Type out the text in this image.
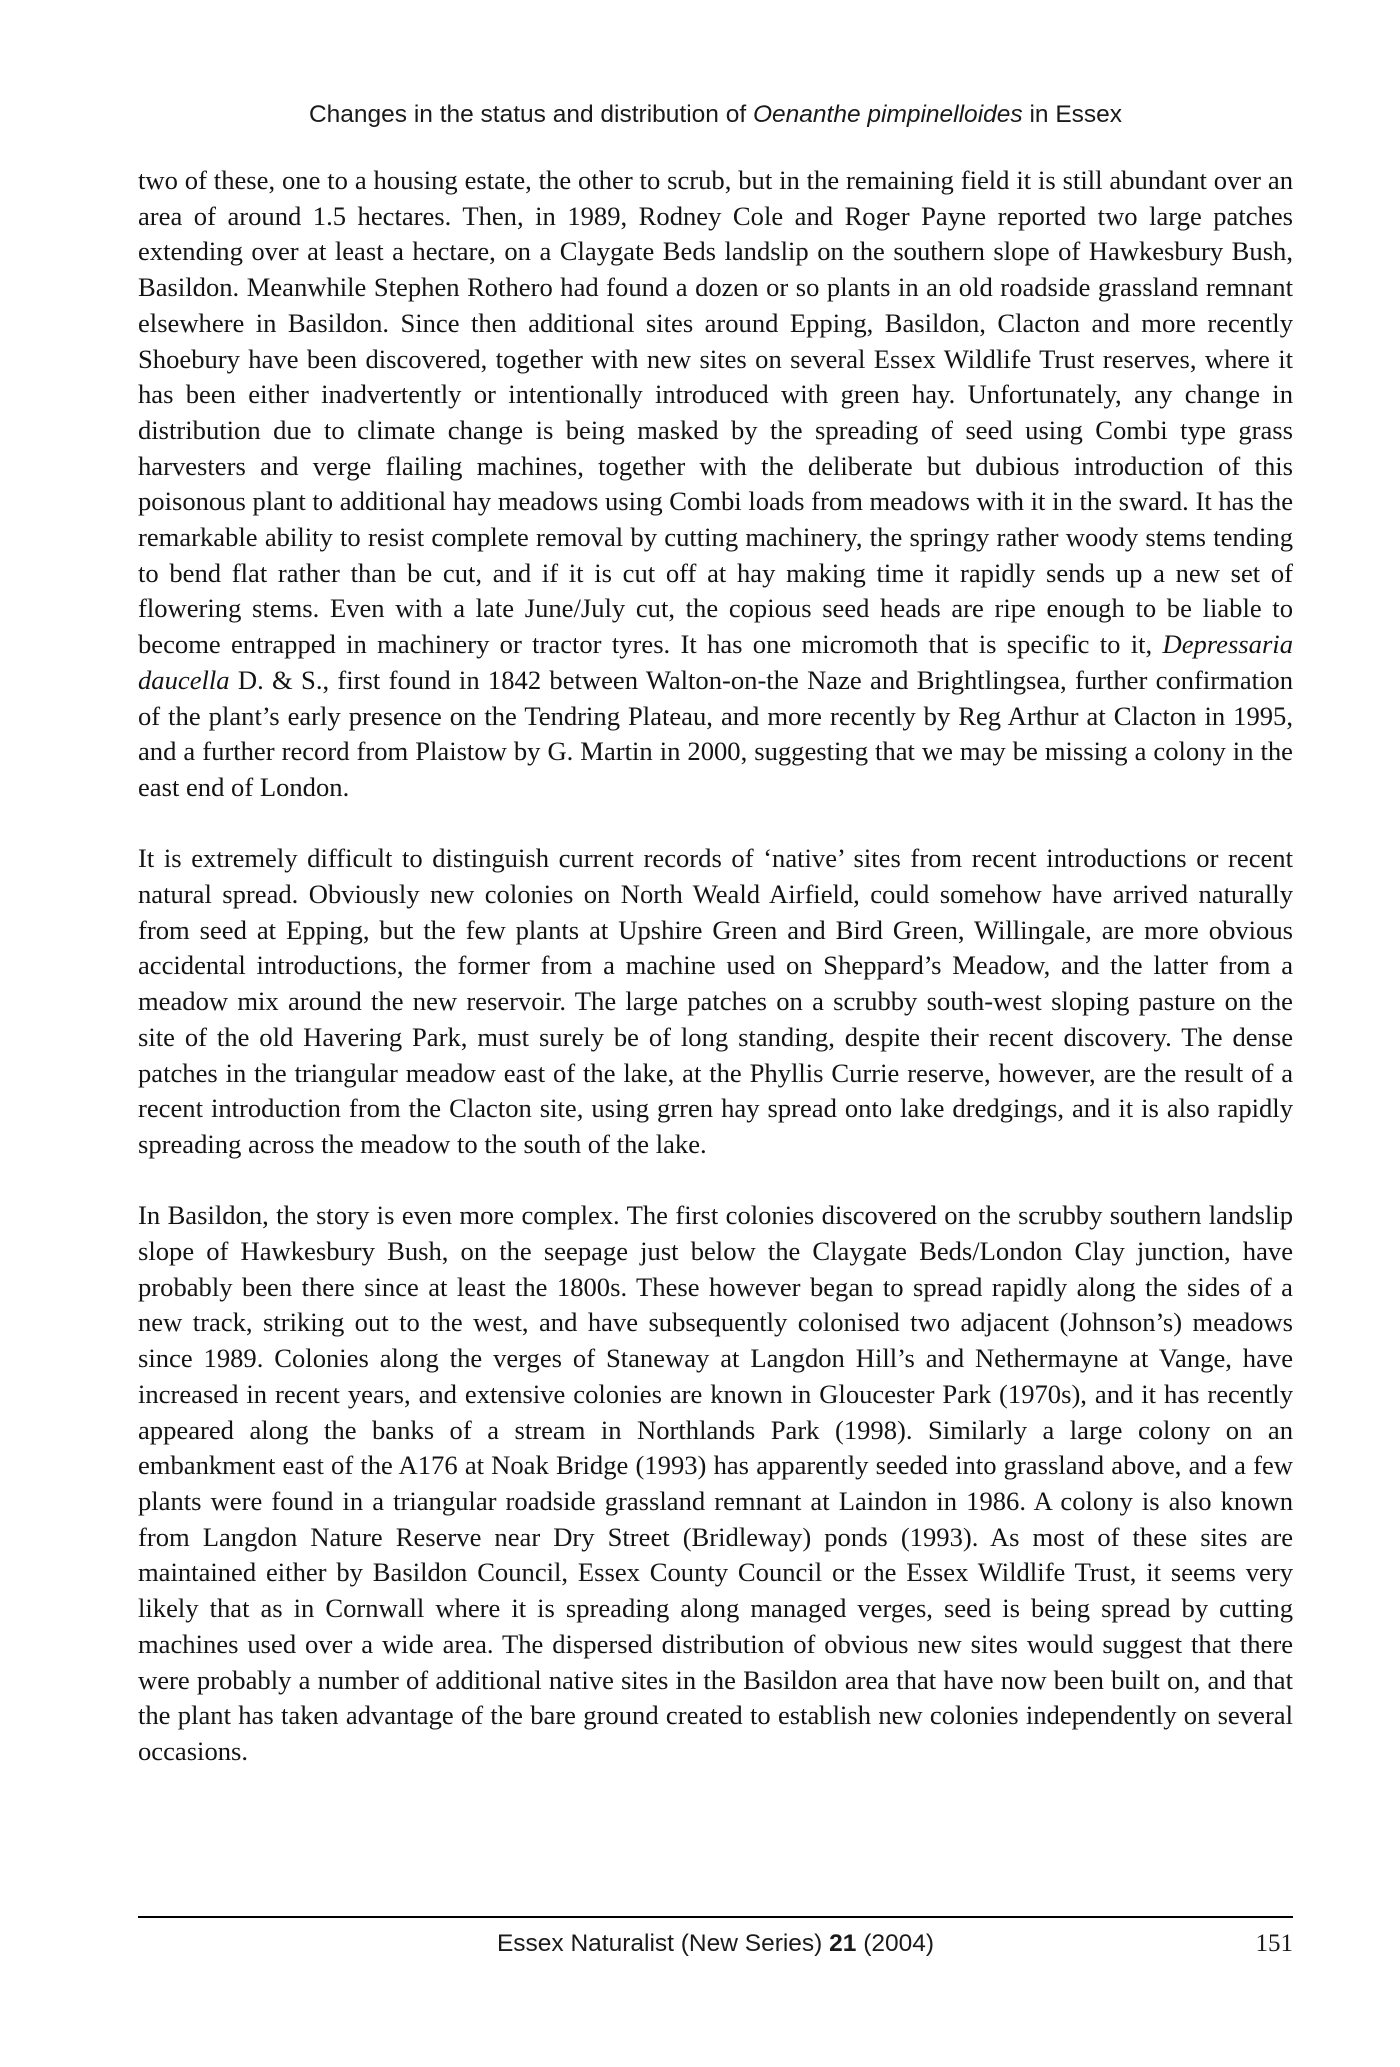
Changes in the status and distribution of Oenanthe pimpinelloides in Essex

two of these, one to a housing estate, the other to scrub, but in the remaining field it is still abundant over an area of around 1.5 hectares. Then, in 1989, Rodney Cole and Roger Payne reported two large patches extending over at least a hectare, on a Claygate Beds landslip on the southern slope of Hawkesbury Bush, Basildon. Meanwhile Stephen Rothero had found a dozen or so plants in an old roadside grassland remnant elsewhere in Basildon. Since then additional sites around Epping, Basildon, Clacton and more recently Shoebury have been discovered, together with new sites on several Essex Wildlife Trust reserves, where it has been either inadvertently or intentionally introduced with green hay. Unfortunately, any change in distribution due to climate change is being masked by the spreading of seed using Combi type grass harvesters and verge flailing machines, together with the deliberate but dubious introduction of this poisonous plant to additional hay meadows using Combi loads from meadows with it in the sward. It has the remarkable ability to resist complete removal by cutting machinery, the springy rather woody stems tending to bend flat rather than be cut, and if it is cut off at hay making time it rapidly sends up a new set of flowering stems. Even with a late June/July cut, the copious seed heads are ripe enough to be liable to become entrapped in machinery or tractor tyres. It has one micromoth that is specific to it, Depressaria daucella D. & S., first found in 1842 between Walton-on-the Naze and Brightlingsea, further confirmation of the plant’s early presence on the Tendring Plateau, and more recently by Reg Arthur at Clacton in 1995, and a further record from Plaistow by G. Martin in 2000, suggesting that we may be missing a colony in the east end of London.

It is extremely difficult to distinguish current records of ‘native’ sites from recent introductions or recent natural spread. Obviously new colonies on North Weald Airfield, could somehow have arrived naturally from seed at Epping, but the few plants at Upshire Green and Bird Green, Willingale, are more obvious accidental introductions, the former from a machine used on Sheppard’s Meadow, and the latter from a meadow mix around the new reservoir. The large patches on a scrubby south-west sloping pasture on the site of the old Havering Park, must surely be of long standing, despite their recent discovery. The dense patches in the triangular meadow east of the lake, at the Phyllis Currie reserve, however, are the result of a recent introduction from the Clacton site, using grren hay spread onto lake dredgings, and it is also rapidly spreading across the meadow to the south of the lake.

In Basildon, the story is even more complex. The first colonies discovered on the scrubby southern landslip slope of Hawkesbury Bush, on the seepage just below the Claygate Beds/London Clay junction, have probably been there since at least the 1800s. These however began to spread rapidly along the sides of a new track, striking out to the west, and have subsequently colonised two adjacent (Johnson’s) meadows since 1989. Colonies along the verges of Staneway at Langdon Hill’s and Nethermayne at Vange, have increased in recent years, and extensive colonies are known in Gloucester Park (1970s), and it has recently appeared along the banks of a stream in Northlands Park (1998). Similarly a large colony on an embankment east of the A176 at Noak Bridge (1993) has apparently seeded into grassland above, and a few plants were found in a triangular roadside grassland remnant at Laindon in 1986. A colony is also known from Langdon Nature Reserve near Dry Street (Bridleway) ponds (1993). As most of these sites are maintained either by Basildon Council, Essex County Council or the Essex Wildlife Trust, it seems very likely that as in Cornwall where it is spreading along managed verges, seed is being spread by cutting machines used over a wide area. The dispersed distribution of obvious new sites would suggest that there were probably a number of additional native sites in the Basildon area that have now been built on, and that the plant has taken advantage of the bare ground created to establish new colonies independently on several occasions.

Essex Naturalist (New Series) 21 (2004)	151
